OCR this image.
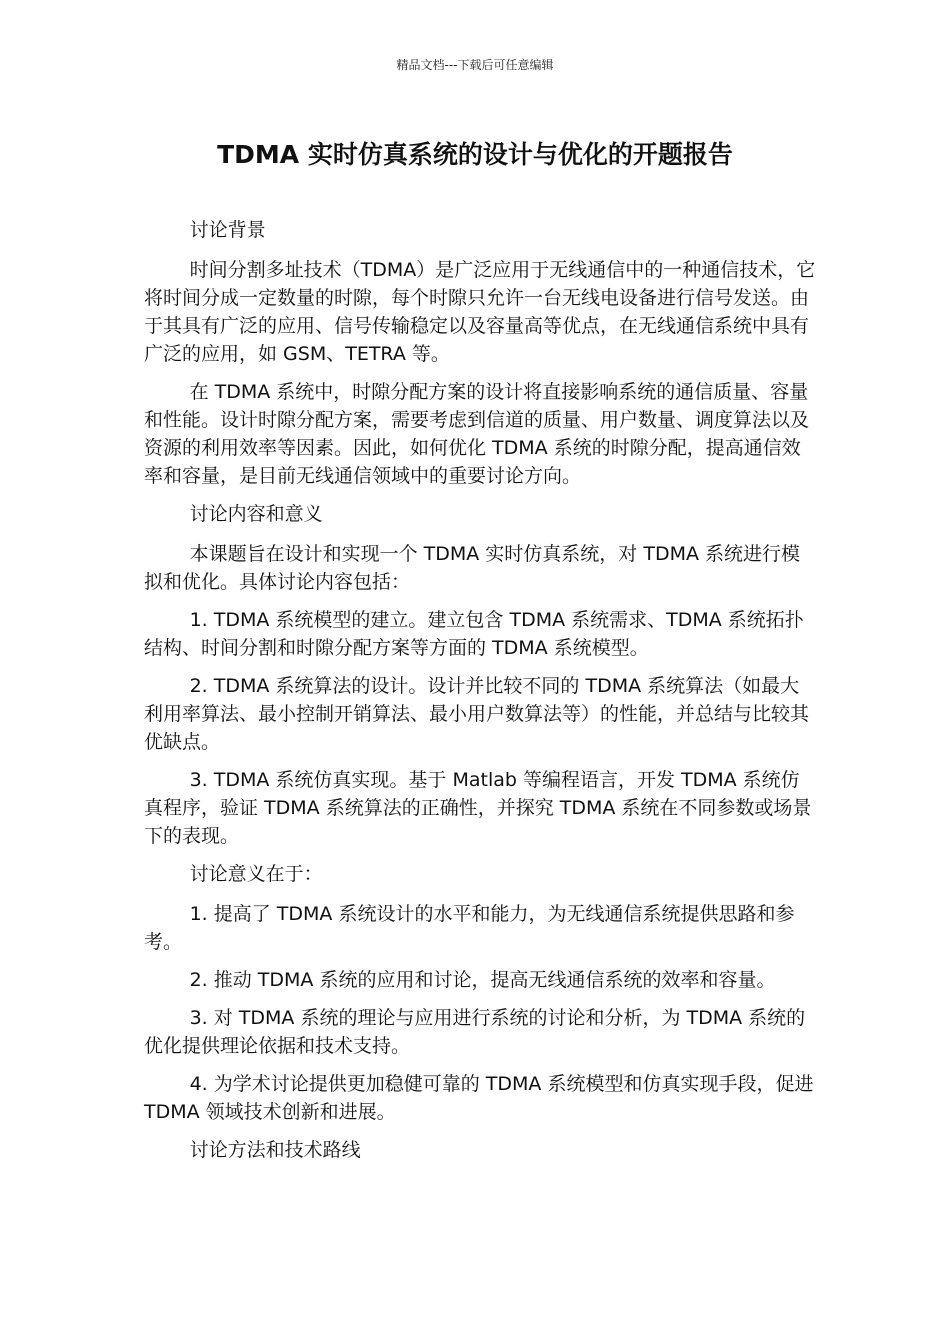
精品文档---下载后可任意编辑
TDMA 实时仿真系统的设计与优化的开题报告

讨论背景

时间分割多址技术（TDMA）是广泛应用于无线通信中的一种通信技术，它将时间分成一定数量的时隙，每个时隙只允许一台无线电设备进行信号发送。由于其具有广泛的应用、信号传输稳定以及容量高等优点，在无线通信系统中具有广泛的应用，如 GSM、TETRA 等。

在 TDMA 系统中，时隙分配方案的设计将直接影响系统的通信质量、容量和性能。设计时隙分配方案，需要考虑到信道的质量、用户数量、调度算法以及资源的利用效率等因素。因此，如何优化 TDMA 系统的时隙分配，提高通信效率和容量，是目前无线通信领域中的重要讨论方向。

讨论内容和意义

本课题旨在设计和实现一个 TDMA 实时仿真系统，对 TDMA 系统进行模拟和优化。具体讨论内容包括：

1. TDMA 系统模型的建立。建立包含 TDMA 系统需求、TDMA 系统拓扑结构、时间分割和时隙分配方案等方面的 TDMA 系统模型。

2. TDMA 系统算法的设计。设计并比较不同的 TDMA 系统算法（如最大利用率算法、最小控制开销算法、最小用户数算法等）的性能，并总结与比较其优缺点。

3. TDMA 系统仿真实现。基于 Matlab 等编程语言，开发 TDMA 系统仿真程序，验证 TDMA 系统算法的正确性，并探究 TDMA 系统在不同参数或场景下的表现。

讨论意义在于：

1. 提高了 TDMA 系统设计的水平和能力，为无线通信系统提供思路和参考。

2. 推动 TDMA 系统的应用和讨论，提高无线通信系统的效率和容量。

3. 对 TDMA 系统的理论与应用进行系统的讨论和分析，为 TDMA 系统的优化提供理论依据和技术支持。

4. 为学术讨论提供更加稳健可靠的 TDMA 系统模型和仿真实现手段，促进 TDMA 领域技术创新和进展。

讨论方法和技术路线
